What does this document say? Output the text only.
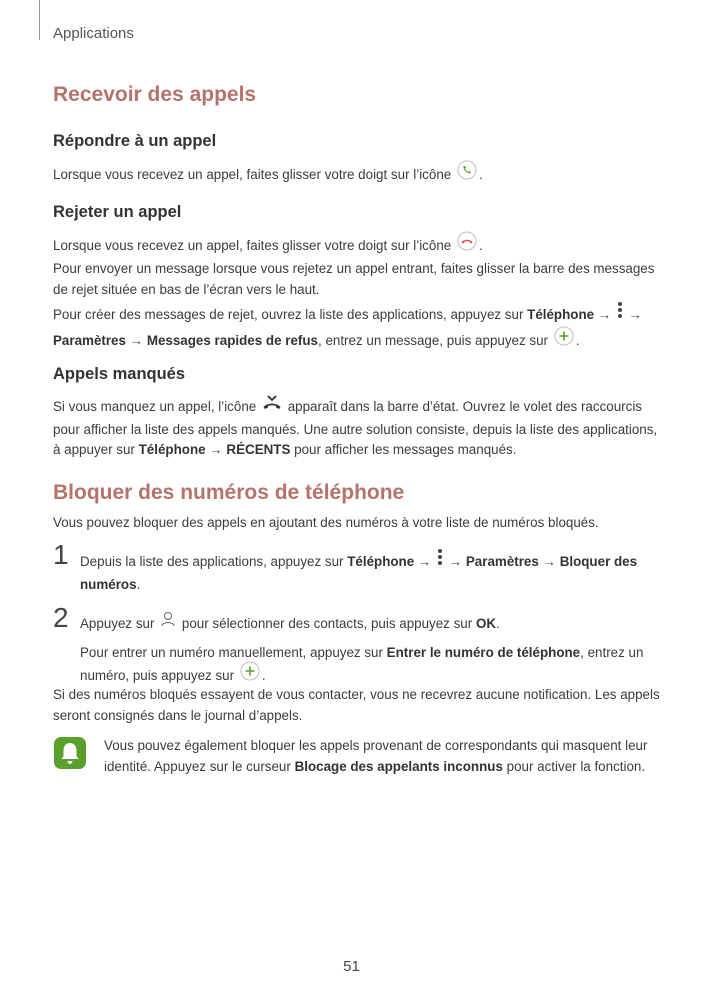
Applications
Recevoir des appels
Répondre à un appel
Lorsque vous recevez un appel, faites glisser votre doigt sur l’icône .
Rejeter un appel
Lorsque vous recevez un appel, faites glisser votre doigt sur l’icône .
Pour envoyer un message lorsque vous rejetez un appel entrant, faites glisser la barre des messages
de rejet située en bas de l’écran vers le haut.
Pour créer des messages de rejet, ouvrez la liste des applications, appuyez sur Téléphone →  →
Paramètres → Messages rapides de refus, entrez un message, puis appuyez sur .
Appels manqués
Si vous manquez un appel, l’icône apparaît dans la barre d’état. Ouvrez le volet des raccourcis
pour afficher la liste des appels manqués. Une autre solution consiste, depuis la liste des applications,
à appuyer sur Téléphone → RÉCENTS pour afficher les messages manqués.
Bloquer des numéros de téléphone
Vous pouvez bloquer des appels en ajoutant des numéros à votre liste de numéros bloqués.
1 Depuis la liste des applications, appuyez sur Téléphone →  → Paramètres → Bloquer des
numéros.
2 Appuyez sur pour sélectionner des contacts, puis appuyez sur OK.
Pour entrer un numéro manuellement, appuyez sur Entrer le numéro de téléphone, entrez un
numéro, puis appuyez sur .
Si des numéros bloqués essayent de vous contacter, vous ne recevrez aucune notification. Les appels
seront consignés dans le journal d’appels.
Vous pouvez également bloquer les appels provenant de correspondants qui masquent leur
identité. Appuyez sur le curseur Blocage des appelants inconnus pour activer la fonction.
51
